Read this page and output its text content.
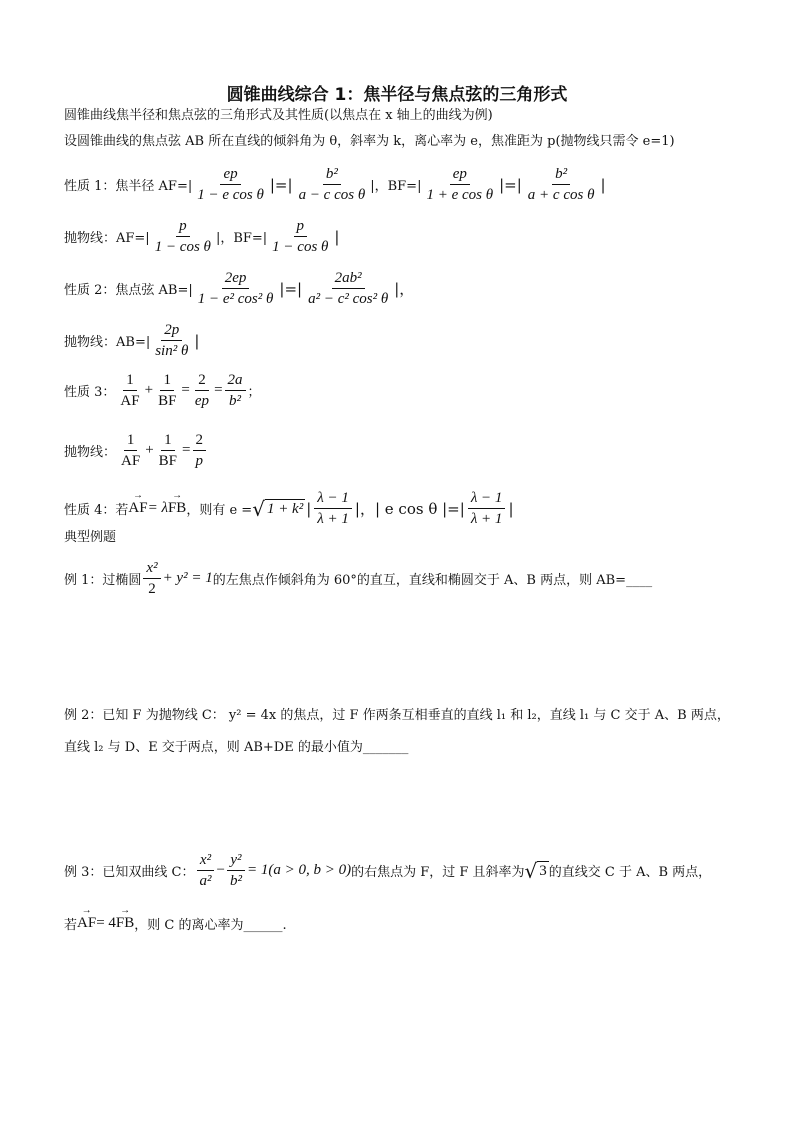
圆锥曲线综合 1：焦半径与焦点弦的三角形式
圆锥曲线焦半径和焦点弦的三角形式及其性质(以焦点在 x 轴上的曲线为例)
设圆锥曲线的焦点弦 AB 所在直线的倾斜角为 θ，斜率为 k，离心率为 e，焦准距为 p(抛物线只需令 e=1)
性质 1：焦半径 $AF=| \frac{ep}{\text{1 − e cos θ}}$ |=| $\frac{\text{b²}}{\text{a − c cos θ}}$ |，$BF=| \frac{ep}{\text{1 + e cos θ}}$ |=| $\frac{\text{b²}}{\text{a + c cos θ}}$ |
抛物线：$AF=| \frac{p}{\text{1 − cos θ}}$ |，$BF=| \frac{p}{\text{1 − cos θ}}$ |
性质 2：焦点弦 $AB=| \frac{2ep}{\text{1 − e² cos² θ}}$ |=| $\frac{\text{2ab²}}{\text{a² − c² cos² θ}}$ |，
抛物线：$AB=| \frac{2p}{\text{sin² θ}}$ |
性质 3： $\frac{1}{AF} + \frac{1}{BF} = \frac{2}{ep} = \frac{2a}{\text{b²}}$ ；
抛物线： $\frac{1}{AF} + \frac{1}{BF} = \frac{2}{p}$
性质 4：若 → AF = λ → FB ，则有 e = √ 1 + k² | $\frac{\lambda - 1}{\lambda + 1}$ |，| e cos θ |=| $\frac{\lambda - 1}{\lambda + 1}$ |
典型例题
例 1：过椭圆 $\frac{\text{x²}}{2} + y^2 = 1$ 的左焦点作倾斜角为 60°的直互，直线和椭圆交于 A、B 两点，则 AB=____
例 2：已知 F 为抛物线 C： y² = 4x 的焦点，过 F 作两条互相垂直的直线 l₁ 和 l₂，直线 l₁ 与 C 交于 A、B 两点，
直线 l₂ 与 D、E 交于两点，则 AB+DE 的最小值为_______
例 3：已知双曲线 C： $\frac{\text{x²}}{\text{a²}} - \frac{\text{y²}}{\text{b²}} = 1(a > 0$, b > 0) 的右焦点为 F，过 F 且斜率为 √ 3 的直线交 C 于 A、B 两点，
若 → AF = 4 → FB ，则 C 的离心率为______.
